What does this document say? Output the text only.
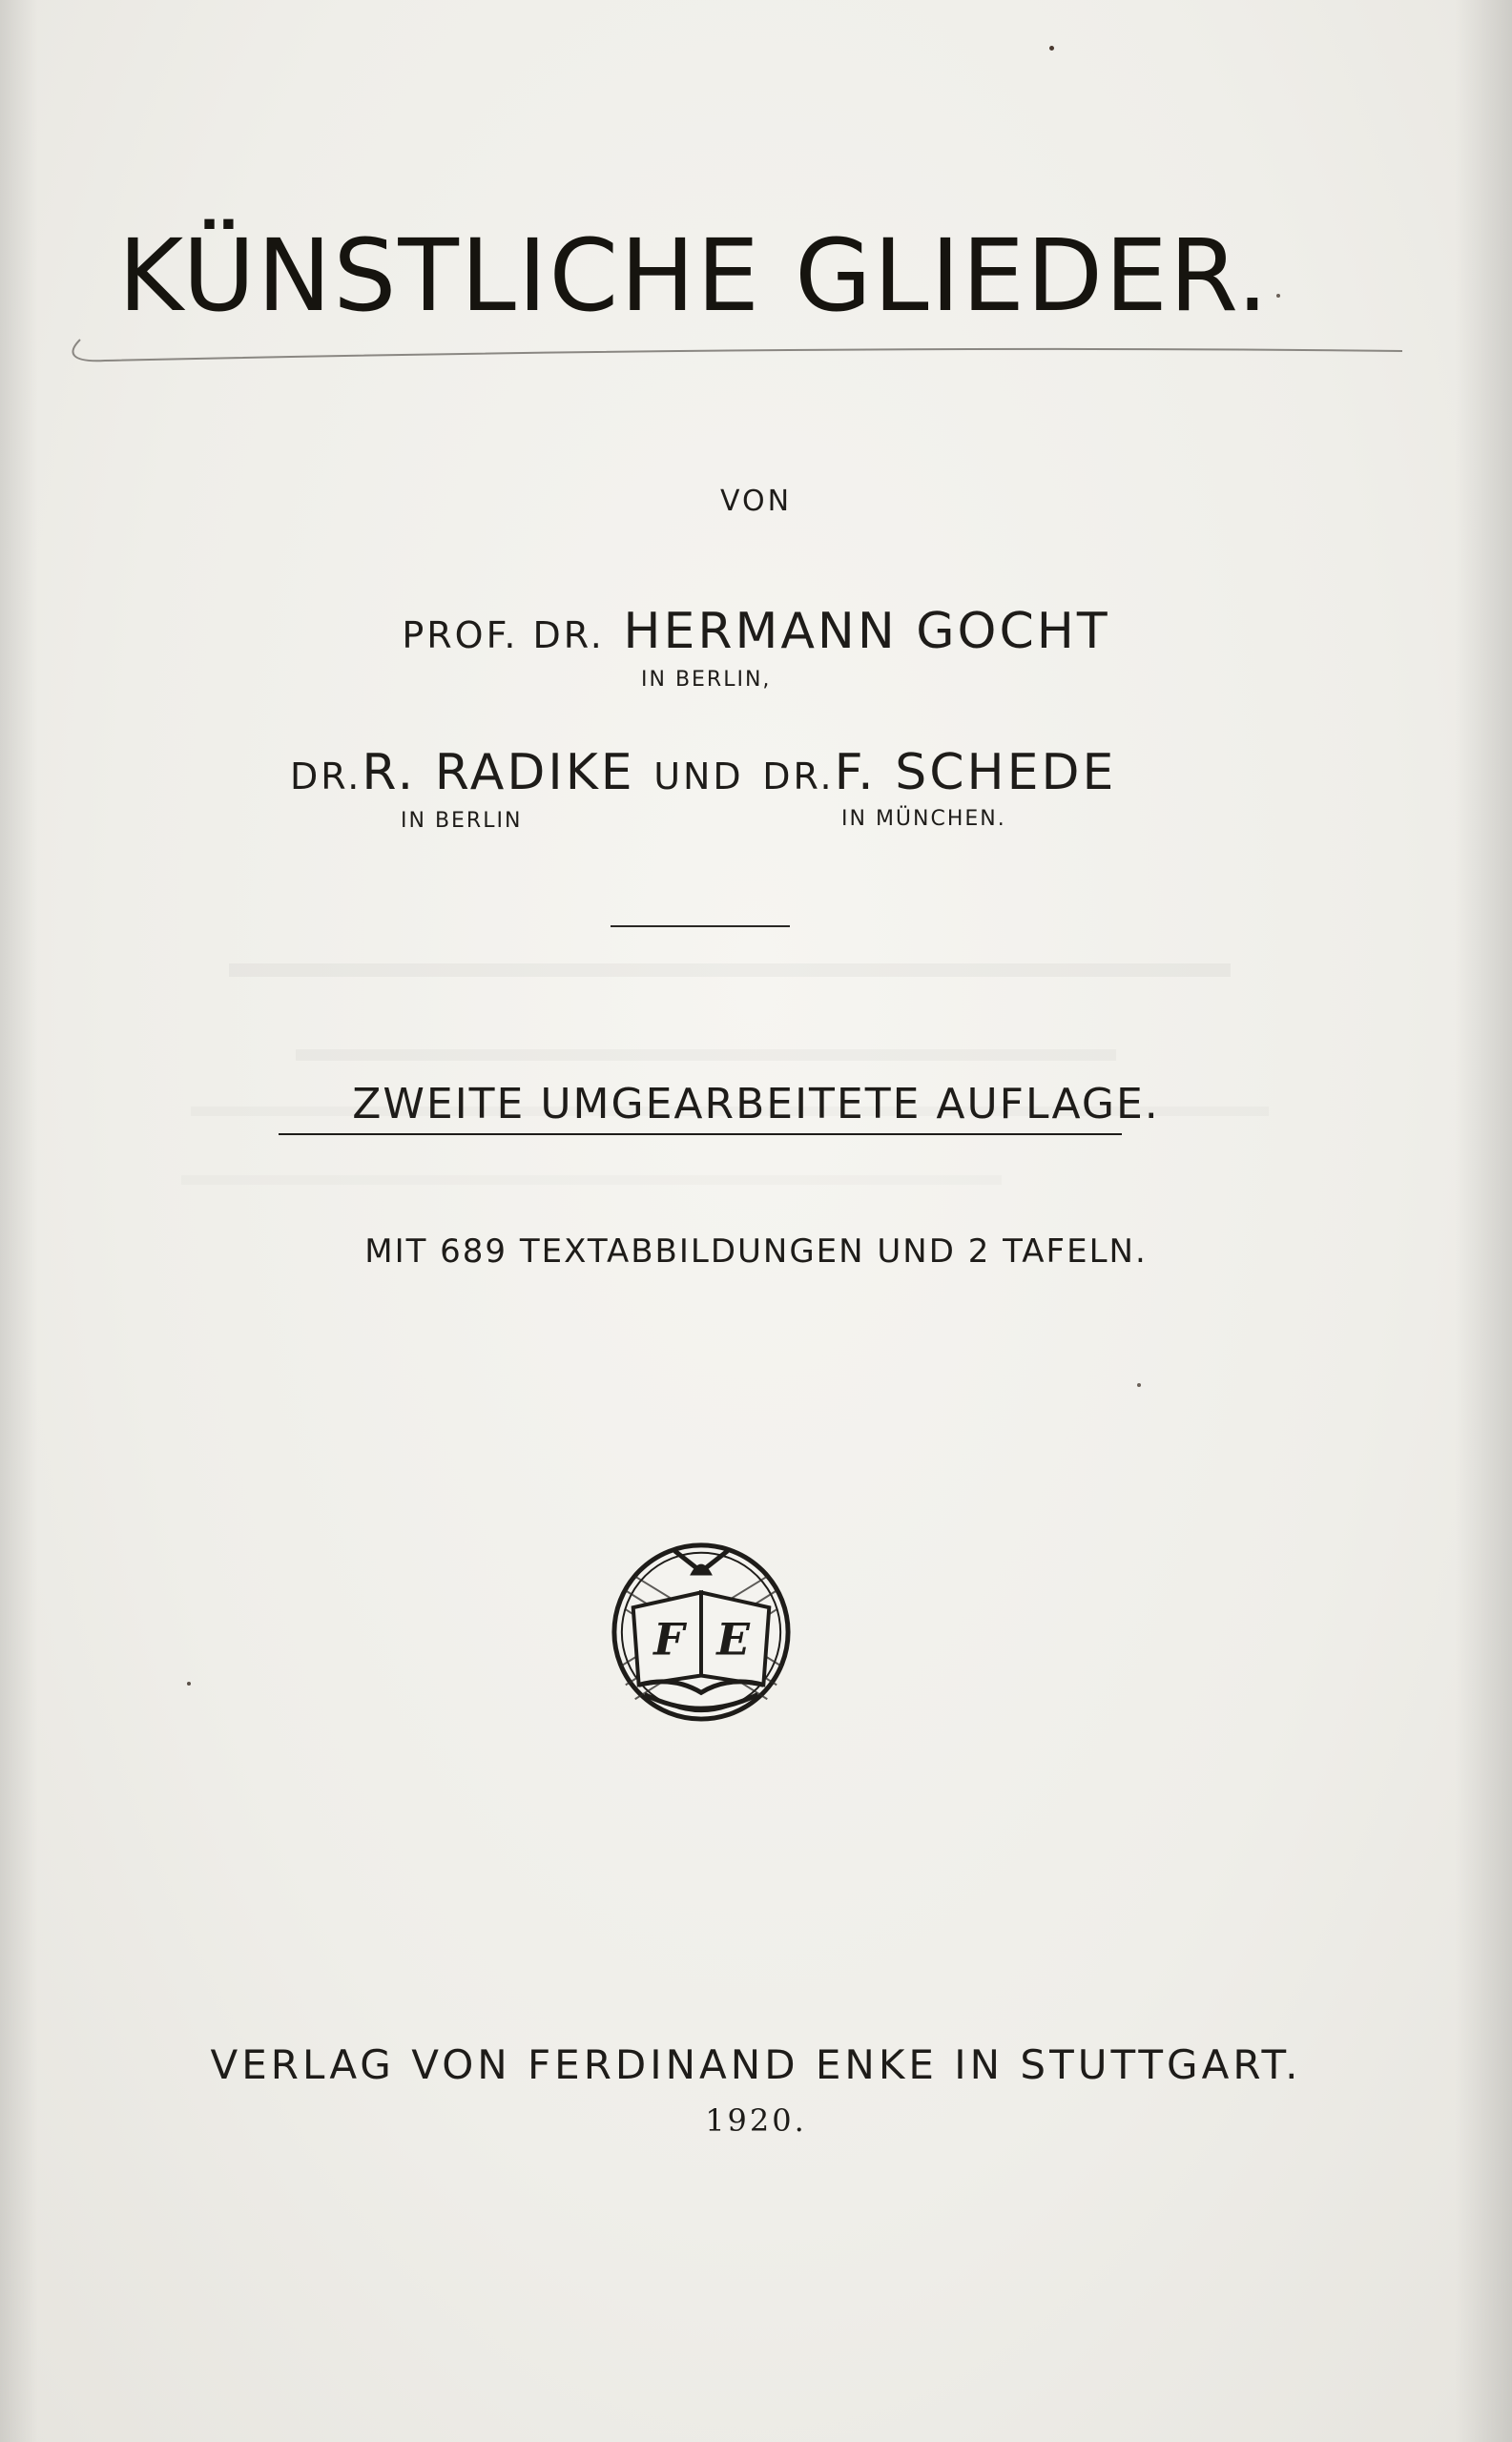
KÜNSTLICHE GLIEDER.
VON
PROF. DR. HERMANN GOCHT
IN BERLIN,
DR.R. RADIKE UND DR.F. SCHEDE
IN BERLIN	IN MÜNCHEN.
ZWEITE UMGEARBEITETE AUFLAGE.
MIT 689 TEXTABBILDUNGEN UND 2 TAFELN.
F E
VERLAG VON FERDINAND ENKE IN STUTTGART.
1920.
